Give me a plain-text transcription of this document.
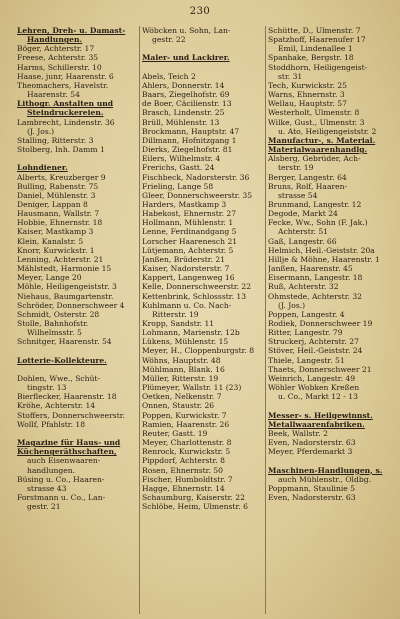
230
Lehren, Dreh- u. Damast-
Handlungen.
Böger, Achterstr. 17
Freese, Achterstr. 35
Harms, Schillerstr. 10
Haase, junr, Haarenstr. 6
Theomachers, Havelstr.
Haarenstr. 54
Lithogr. Anstalten und
Steindruckereien.
Lambrecht, Lindenstr. 36
(J. Jos.)
Stalling, Ritterstr. 3
Stolberg, Inh. Damm 1

Lohndiener.
Alberts, Kreuzberger 9
Bulling, Rabenstr. 75
Daniel, Mühlenstr. 3
Deniger, Lappan 8
Hausmann, Wallstr. 7
Hobbie, Ehnernstr. 18
Kaiser, Mastkamp 3
Klein, Kanalstr. 5
Knorr, Kurwickstr. 1
Lenning, Achterstr. 21
Mählstedt, Harmonie 15
Meyer, Lange 20
Möhle, Heiligengeiststr. 3
Niehaus, Baumgartenstr.
Schröder, Donnerschweer 4
Schmidt, Osterstr. 28
Stolle, Bahnhofstr.
Wilhelmsstr. 5
Schnitger, Haarenstr. 54

Lotterie-Kollekteure.

Dohlen, Wwe., Schüt-
tingstr. 13
Bierflecker, Haarenstr. 18
Kröhe, Achterstr. 14
Stoffers, Donnerschweerstr.
Wollf, Pfahlstr. 18

Magazine für Haus- und
Küchengeräthschaften,
auch Eisenwaaren-
handlungen.
Büsing u. Co., Haaren-
strasse 43
Forstmann u. Co., Lan-
gestr. 21
Wöbcken u. Sohn, Lan-
gestr. 22

Maler- und Lackirer.

Abels, Teich 2
Ahlers, Donnerstr. 14
Baars, Ziegelhofstr. 69
de Boer, Cäcilienstr. 13
Brasch, Lindenstr. 25
Brüll, Mühlenstr. 13
Brockmann, Hauptstr. 47
Dillmann, Hofnitzgang 1
Dierks, Ziegelhofstr. 81
Eilers, Wilhelmstr. 4
Frerichs, Gastt. 24
Fischbeck, Nadorsterstr. 36
Frieling, Lange 58
Gleer, Donnerschweerstr. 35
Harders, Mastkamp 3
Habekost, Ehnernstr. 27
Hollmann, Mühlenstr. 1
Lenne, Ferdinandgang 5
Lorscher Haarenesch 21
Lütjemann, Achterstr. 5
Janßen, Brüderstr. 21
Kaiser, Nadorsterstr. 7
Kappert, Langenweg 16
Kelle, Donnerschweerstr. 22
Kettenbrink, Schlossstr. 13
Kuhlmann u. Co. Nach-
Ritterstr. 19
Kropp, Sandstr. 11
Lohmann, Marienstr. 12b
Lükens, Mühlenstr. 15
Meyer, H., Cloppenburgstr. 8
Wöhns, Hauptstr. 48
Mühlmann, Blank. 16
Müller, Ritterstr. 19
Plümeyer, Wallstr. 11 (23)
Oetken, Nelkenstr. 7
Onnen, Staustr. 26
Poppen, Kurwickstr. 7
Ramien, Haarenstr. 26
Reuter, Gastt. 19
Meyer, Charlottenstr. 8
Renrock, Kurwickstr. 5
Pippdorf, Achterstr. 8
Rosen, Ehnernstr. 50
Fischer, Humboldtstr. 7
Hagge, Ehnernstr. 14
Schaumburg, Kaiserstr. 22
Schlöbe, Heim, Ulmenstr. 6
Schütte, D., Ulmenstr. 7
Spatzhoff, Haarenufer 17
Emil, Lindenallee 1
Spanhake, Bergstr. 18
Stoddhorn, Heiligengeist-
str. 31
Tech, Kurwickstr. 25
Warns, Ehnernstr. 3
Wellau, Hauptstr. 57
Westerholt, Ulmenstr. 8
Wilke, Gust., Ulmenstr. 3
u. Ato, Heiligengeiststr. 2
Manufactur-, s. Material.
Materialwaarenhandlg.
Alsberg, Gebrüder, Ach-
terstr. 19
Berger, Langestr. 64
Bruns, Rolf, Haaren-
strasse 54
Brunmand, Langestr. 12
Degode, Markt 24
Fecke, Ww., Sohn (F. Jak.)
Achterstr. 51
Gaß, Langestr. 66
Helmich, Heil.-Geiststr. 20a
Hillje & Möhne, Haarenstr. 1
Janßen, Haarenstr. 45
Eisermann, Langestr. 18
Ruß, Achterstr. 32
Ohmstede, Achterstr. 32
(J. Jos.)
Poppen, Langestr. 4
Rodiek, Donnerschweer 19
Ritter, Langestr. 79
Struckerj, Achterstr. 27
Stöver, Heil.-Geiststr. 24
Thiele, Langestr. 51
Thaets, Donnerschweer 21
Weinrich, Langestr. 49
Wöhler Wobken Kreßen
u. Co., Markt 12 - 13

Messer- s. Heilgewinnst.
Metallwaarenfabriken.
Beek, Wallstr. 2
Even, Nadorsterstr. 63
Meyer, Pferdemarkt 3

Maschinen-Handlungen, s.
auch Mühlenstr., Oldbg.
Poppmann, Staulinie 5
Even, Nadorsterstr. 63
